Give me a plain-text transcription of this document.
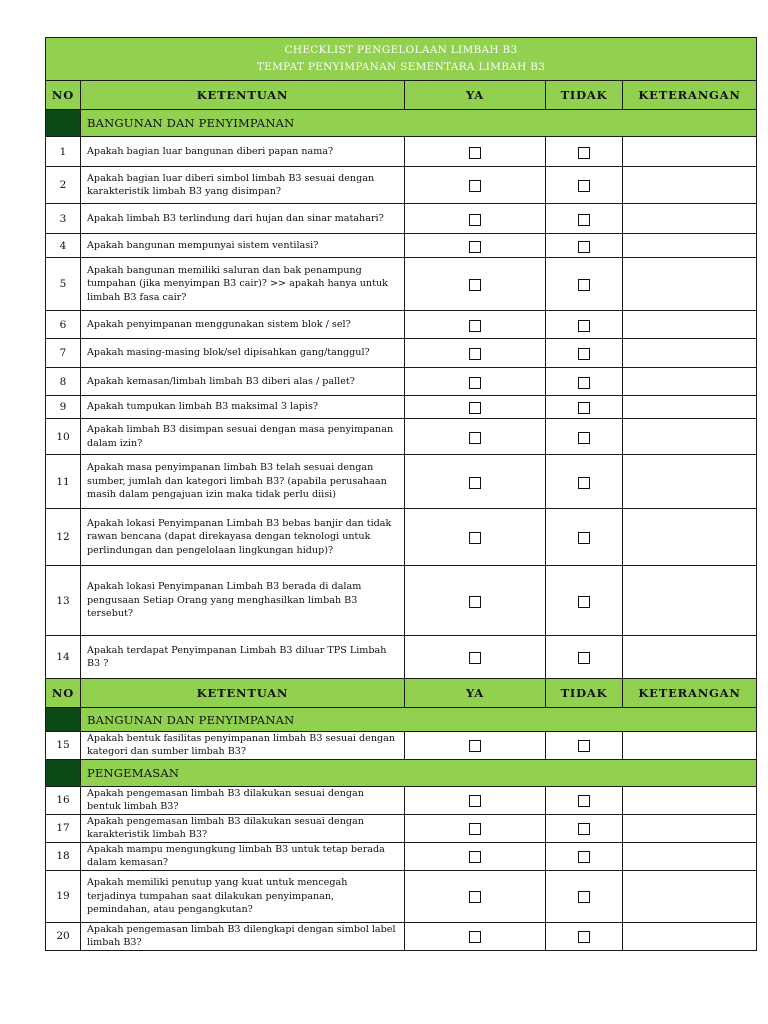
CHECKLIST PENGELOLAAN LIMBAH B3
TEMPAT PENYIMPANAN SEMENTARA LIMBAH B3				

NO	KETENTUAN	YA	TIDAK	KETERANGAN
	BANGUNAN DAN PENYIMPANAN			
1	Apakah bagian luar bangunan diberi papan nama?			
2	Apakah bagian luar diberi simbol limbah B3 sesuai dengan karakteristik limbah B3 yang disimpan?			
3	Apakah limbah B3 terlindung dari hujan dan sinar matahari?			
4	Apakah bangunan mempunyai sistem ventilasi?			
5	Apakah bangunan memiliki saluran dan bak penampung tumpahan (jika menyimpan B3 cair)? >> apakah hanya untuk limbah B3 fasa cair?			
6	Apakah penyimpanan menggunakan sistem blok / sel?			
7	Apakah masing-masing blok/sel dipisahkan gang/tanggul?			
8	Apakah kemasan/limbah limbah B3 diberi alas / pallet?			
9	Apakah tumpukan limbah B3 maksimal 3 lapis?			
10	Apakah limbah B3 disimpan sesuai dengan masa penyimpanan dalam izin?			
11	Apakah masa penyimpanan limbah B3 telah sesuai dengan sumber, jumlah dan kategori limbah B3? (apabila perusahaan masih dalam pengajuan izin maka tidak perlu diisi)			
12	Apakah lokasi Penyimpanan Limbah B3 bebas banjir dan tidak rawan bencana (dapat direkayasa dengan teknologi untuk perlindungan dan pengelolaan lingkungan hidup)?			
13	Apakah lokasi Penyimpanan Limbah B3 berada di dalam pengusaan Setiap Orang yang menghasilkan limbah B3 tersebut?			
14	Apakah terdapat Penyimpanan Limbah B3 diluar TPS Limbah B3 ?			
NO	KETENTUAN	YA	TIDAK	KETERANGAN
	BANGUNAN DAN PENYIMPANAN			
15	Apakah bentuk fasilitas penyimpanan limbah B3 sesuai dengan kategori dan sumber limbah B3?			
	PENGEMASAN			
16	Apakah pengemasan limbah B3 dilakukan sesuai dengan bentuk limbah B3?			
17	Apakah pengemasan limbah B3 dilakukan sesuai dengan karakteristik limbah B3?			
18	Apakah mampu mengungkung limbah B3 untuk tetap berada dalam kemasan?			
19	Apakah memiliki penutup yang kuat untuk mencegah terjadinya tumpahan saat dilakukan penyimpanan, pemindahan, atau pengangkutan?			
20	Apakah pengemasan limbah B3 dilengkapi dengan simbol label limbah B3?			
